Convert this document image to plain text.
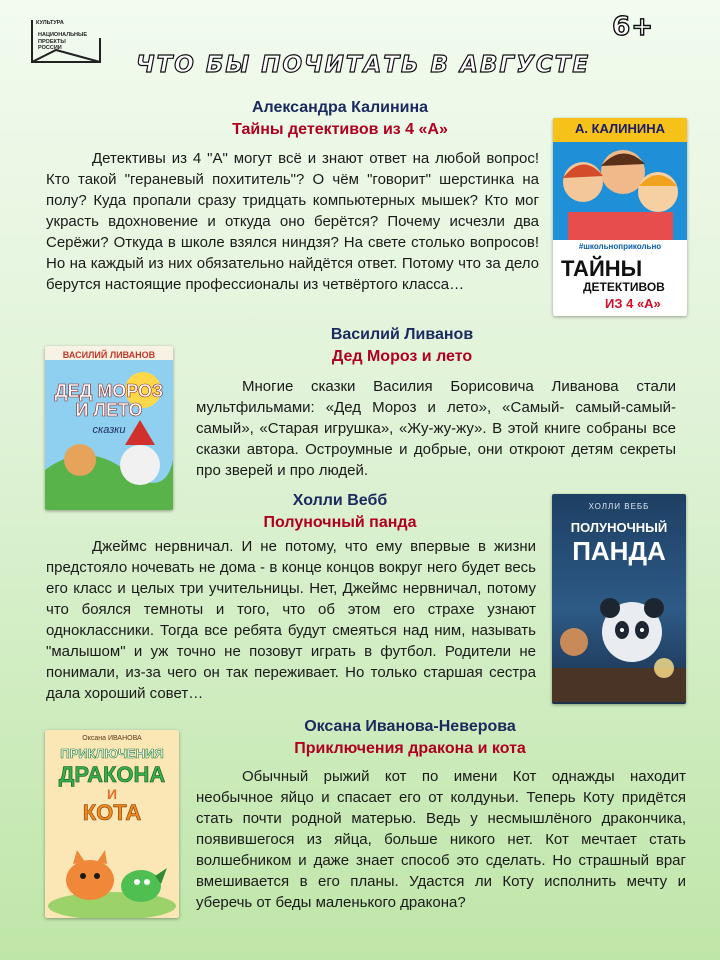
КУЛЬТУРА
НАЦИОНАЛЬНЫЕ ПРОЕКТЫ РОССИИ
6+
ЧТО БЫ ПОЧИТАТЬ В АВГУСТЕ
Александра Калинина
Тайны детективов из 4 «А»

Детективы из 4 "А" могут всё и знают ответ на любой вопрос! Кто такой "гераневый похититель"? О чём "говорит" шерстинка на полу? Куда пропали сразу тридцать компьютерных мышек? Кто мог украсть вдохновение и откуда оно берётся? Почему исчезли два Серёжи? Откуда в школе взялся ниндзя? На свете столько вопросов! Но на каждый из них обязательно найдётся ответ. Потому что за дело берутся настоящие профессионалы из четвёртого класса…

А. КАЛИНИНА
#школьноприкольно
ТАЙНЫ
ДЕТЕКТИВОВ
ИЗ 4 «А»
Василий Ливанов
Дед Мороз и лето

Многие сказки Василия Борисовича Ливанова стали мультфильмами: «Дед Мороз и лето», «Самый- самый-самый-самый», «Старая игрушка», «Жу-жу-жу». В этой книге собраны все сказки автора. Остроумные и добрые, они откроют детям секреты про зверей и про людей.

ВАСИЛИЙ ЛИВАНОВ
ДЕД МОРОЗ
И ЛЕТО
сказки
Холли Вебб
Полуночный панда

Джеймс нервничал. И не потому, что ему впервые в жизни предстояло ночевать не дома - в конце концов вокруг него будет весь его класс и целых три учительницы. Нет, Джеймс нервничал, потому что боялся темноты и того, что об этом его страхе узнают одноклассники. Тогда все ребята будут смеяться над ним, называть "малышом" и уж точно не позовут играть в футбол. Родители не понимали, из-за чего он так переживает. Но только старшая сестра дала хороший совет…

ХОЛЛИ ВЕББ
ПОЛУНОЧНЫЙ
ПАНДА
Оксана Иванова-Неверова
Приключения дракона и кота

Обычный рыжий кот по имени Кот однажды находит необычное яйцо и спасает его от колдуньи. Теперь Коту придётся стать почти родной матерью. Ведь у несмышлёного дракончика, появившегося из яйца, больше никого нет. Кот мечтает стать волшебником и даже знает способ это сделать. Но страшный враг вмешивается в его планы. Удастся ли Коту исполнить мечту и уберечь от беды маленького дракона?

Оксана ИВАНОВА
ПРИКЛЮЧЕНИЯ
ДРАКОНА
И
КОТА
